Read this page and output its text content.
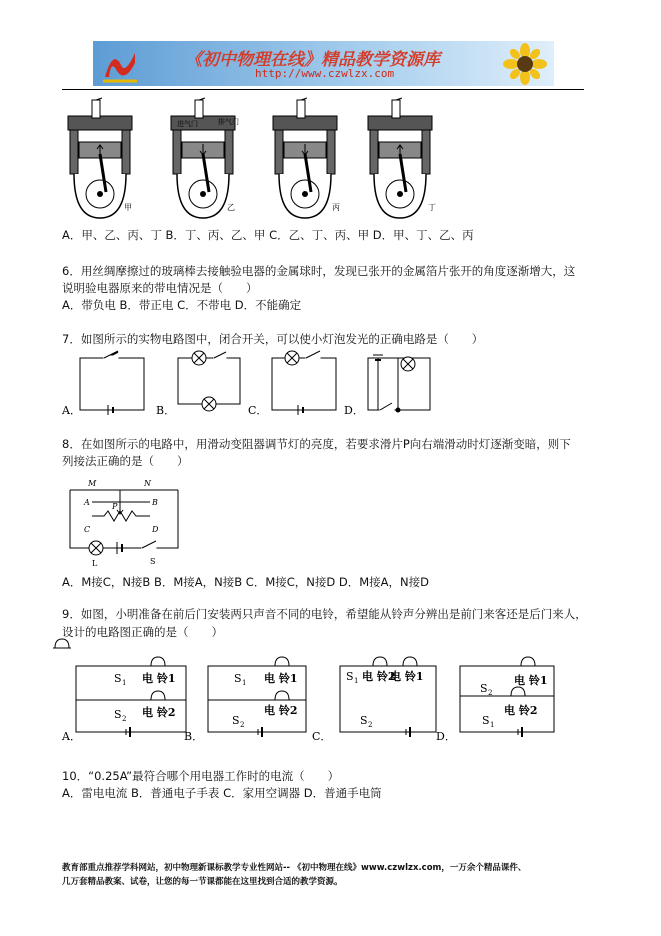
《初中物理在线》精品教学资源库
http://www.czwlzx.com
进气门	排气门
甲	乙	丙	丁
A．甲、乙、丙、丁 B．丁、丙、乙、甲 C．乙、丁、丙、甲 D．甲、丁、乙、丙
6．用丝绸摩擦过的玻璃棒去接触验电器的金属球时，发现已张开的金属箔片张开的角度逐渐增大，这
说明验电器原来的带电情况是（　　）
A．带负电 B．带正电 C．不带电 D．不能确定
7．如图所示的实物电路图中，闭合开关，可以使小灯泡发光的正确电路是（　　）
A．	B．	C．	D．
8．在如图所示的电路中，用滑动变阻器调节灯的亮度，若要求滑片P向右端滑动时灯逐渐变暗，则下
列接法正确的是（　　）
M	N
A	B
P
C	D
L	S
A．M接C，N接B B．M接A，N接B C．M接C，N接D D．M接A，N接D
9．如图，小明准备在前后门安装两只声音不同的电铃，希望能从铃声分辨出是前门来客还是后门来人，
设计的电路图正确的是（　　）
S 1 电 铃1
S 2 电 铃2
A．
S 1 电 铃1
S 2
电 铃2
B．
S 1 电 铃2
电 铃1
S 2
C．
S 2
电 铃1
S 1
电 铃2
D．
10．“0.25A”最符合哪个用电器工作时的电流（　　）
A．雷电电流 B．普通电子手表 C．家用空调器 D．普通手电筒
教育部重点推荐学科网站，初中物理新课标教学专业性网站-- 《初中物理在线》www.czwlzx.com，一万余个精品课件、
几万套精品教案、试卷，让您的每一节课都能在这里找到合适的教学资源。
